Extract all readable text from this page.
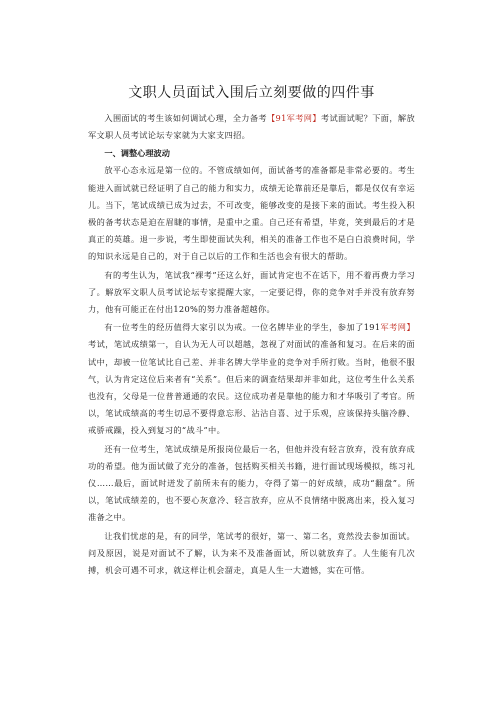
文职人员面试入围后立刻要做的四件事

入围面试的考生该如何调试心理，全力备考【91军考网】考试面试呢？下面，解放军文职人员考试论坛专家就为大家支四招。

一、调整心理波动

放平心态永远是第一位的。不管成绩如何，面试备考的准备都是非常必要的。考生能进入面试就已经证明了自己的能力和实力，成绩无论靠前还是靠后，都是仅仅有幸运儿。当下，笔试成绩已成为过去，不可改变，能够改变的是接下来的面试。考生投入积极的备考状态是迫在眉睫的事情，是重中之重。自己还有希望，毕竟，笑到最后的才是真正的英雄。退一步说，考生即使面试失利，相关的准备工作也不是白白浪费时间，学的知识永远是自己的，对于自己以后的工作和生活也会有很大的帮助。

有的考生认为，笔试我“裸考”还这么好，面试肯定也不在话下，用不着再费力学习了。解放军文职人员考试论坛专家提醒大家，一定要记得，你的竞争对手并没有放弃努力，他有可能正在付出120%的努力准备超越你。

有一位考生的经历值得大家引以为戒。一位名牌毕业的学生，参加了191军考网】考试，笔试成绩第一，自认为无人可以超越，忽视了对面试的准备和复习。在后来的面试中，却被一位笔试比自己差、并非名牌大学毕业的竞争对手所打败。当时，他很不服气，认为肯定这位后来者有“关系”。但后来的调查结果却并非如此，这位考生什么关系也没有，父母是一位普普通通的农民。这位成功者是靠他的能力和才华吸引了考官。所以，笔试成绩高的考生切忌不要得意忘形、沾沾自喜、过于乐观，应该保持头脑冷静、戒骄戒躁，投入到复习的“战斗”中。

还有一位考生，笔试成绩是所报岗位最后一名，但他并没有轻言放弃，没有放弃成功的希望。他为面试做了充分的准备，包括购买相关书籍，进行面试现场模拟，练习礼仪……最后，面试时迸发了前所未有的能力，夺得了第一的好成绩，成功“翻盘”。所以，笔试成绩差的，也不要心灰意冷、轻言放弃，应从不良情绪中脱离出来，投入复习准备之中。

让我们忧虑的是，有的同学，笔试考的很好，第一、第二名，竟然没去参加面试。问及原因，说是对面试不了解，认为来不及准备面试，所以就放弃了。人生能有几次搏，机会可遇不可求，就这样让机会溜走，真是人生一大遗憾，实在可惜。
